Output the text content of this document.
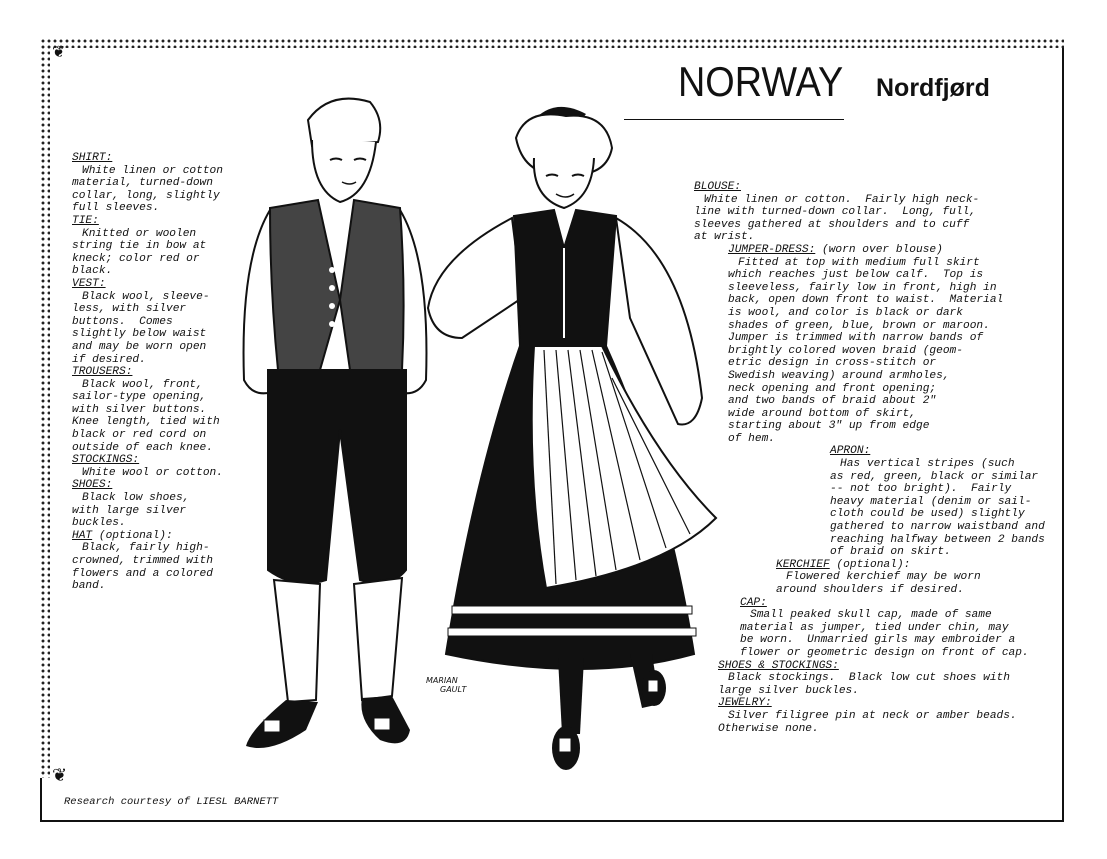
❦
❦
NORWAY Nordfjørd
SHIRT:
White linen or cotton
material, turned-down
collar, long, slightly
full sleeves.
TIE:
Knitted or woolen
string tie in bow at
kneck; color red or
black.
VEST:
Black wool, sleeve-
less, with silver
buttons.  Comes
slightly below waist
and may be worn open
if desired.
TROUSERS:
Black wool, front,
sailor-type opening,
with silver buttons.
Knee length, tied with
black or red cord on
outside of each knee.
STOCKINGS:
White wool or cotton.
SHOES:
Black low shoes,
with large silver
buckles.
HAT (optional):
Black, fairly high-
crowned, trimmed with
flowers and a colored
band.
BLOUSE:
White linen or cotton.  Fairly high neck-
line with turned-down collar.  Long, full,
sleeves gathered at shoulders and to cuff
at wrist.
JUMPER-DRESS: (worn over blouse)
Fitted at top with medium full skirt
which reaches just below calf.  Top is
sleeveless, fairly low in front, high in
back, open down front to waist.  Material
is wool, and color is black or dark
shades of green, blue, brown or maroon.
Jumper is trimmed with narrow bands of
brightly colored woven braid (geom-
etric design in cross-stitch or
Swedish weaving) around armholes,
neck opening and front opening;
and two bands of braid about 2"
wide around bottom of skirt,
starting about 3" up from edge
of hem.
APRON:
Has vertical stripes (such
as red, green, black or similar
-- not too bright).  Fairly
heavy material (denim or sail-
cloth could be used) slightly
gathered to narrow waistband and
reaching halfway between 2 bands
of braid on skirt.
KERCHIEF (optional):
Flowered kerchief may be worn
around shoulders if desired.
CAP:
Small peaked skull cap, made of same
material as jumper, tied under chin, may
be worn.  Unmarried girls may embroider a
flower or geometric design on front of cap.
SHOES & STOCKINGS:
Black stockings.  Black low cut shoes with
large silver buckles.
JEWELRY:
Silver filigree pin at neck or amber beads.
Otherwise none.
MARIAN
GAULT
Research courtesy of LIESL BARNETT
